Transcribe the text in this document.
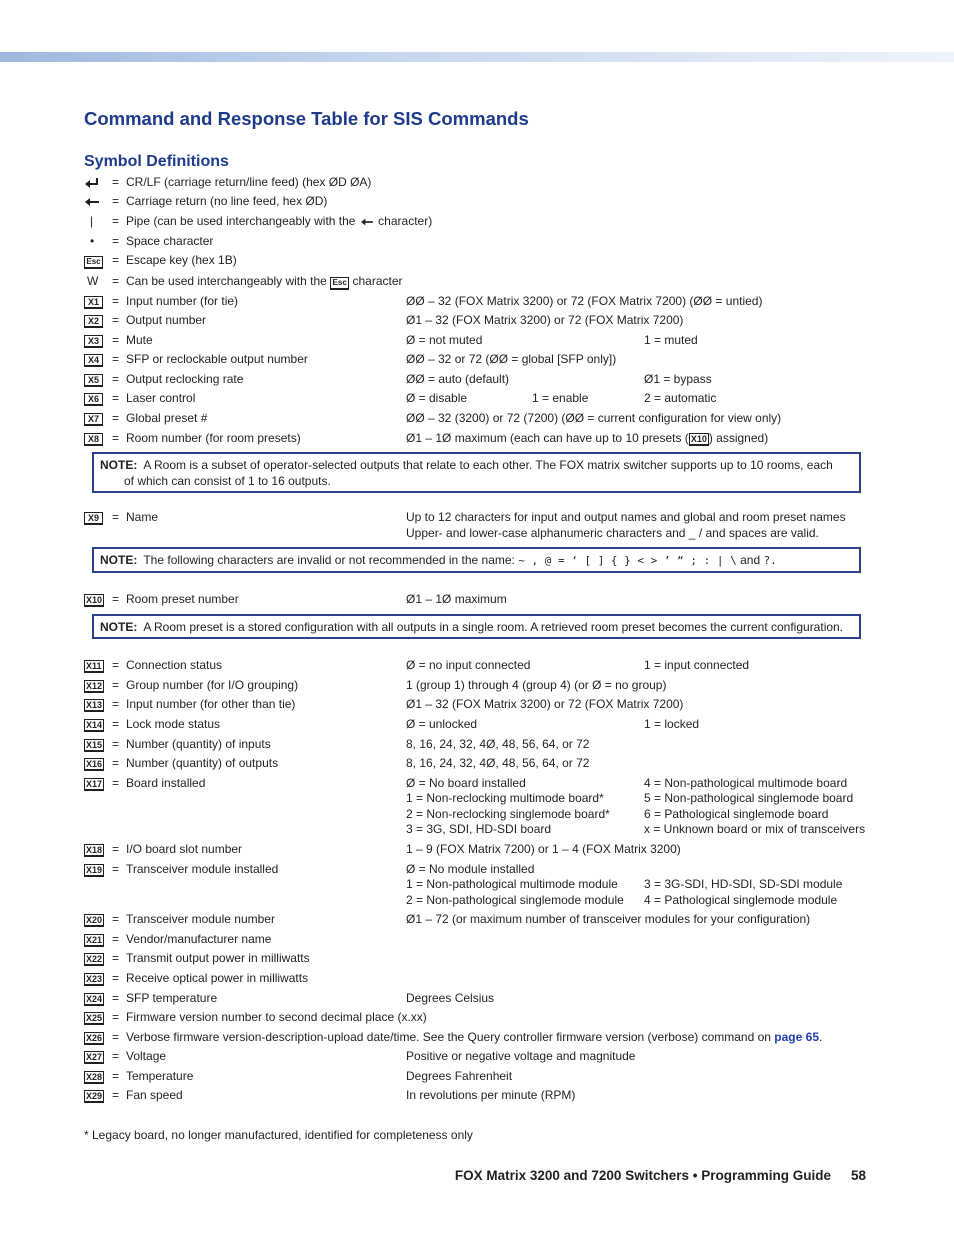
Command and Response Table for SIS Commands
Symbol Definitions
= CR/LF (carriage return/line feed) (hex ØD ØA)
= Carriage return (no line feed, hex ØD)
|	= Pipe (can be used interchangeably with the character)
•	= Space character
Esc = Escape key (hex 1B)
W	= Can be used interchangeably with the Esc character
X1	= Input number (for tie)	ØØ – 32 (FOX Matrix 3200) or 72 (FOX Matrix 7200) (ØØ = untied)
X2	= Output number	Ø1 – 32 (FOX Matrix 3200) or 72 (FOX Matrix 7200)
X3	= Mute	Ø = not muted	1 = muted
X4	= SFP or reclockable output number	ØØ – 32 or 72 (ØØ = global [SFP only])
X5	= Output reclocking rate	ØØ = auto (default)	Ø1 = bypass
X6	= Laser control	Ø = disable	1 = enable	2 = automatic
X7	= Global preset #	ØØ – 32 (3200) or 72 (7200) (ØØ = current configuration for view only)
X8	= Room number (for room presets)	Ø1 – 1Ø maximum (each can have up to 10 presets ( X10 ) assigned)
NOTE: A Room is a subset of operator-selected outputs that relate to each other. The FOX matrix switcher supports up to 10 rooms, each
of which can consist of 1 to 16 outputs.
X9	= Name	Up to 12 characters for input and output names and global and room preset names
Upper- and lower-case alphanumeric characters and _ / and spaces are valid.
NOTE: The following characters are invalid or not recommended in the name: ~ , @ = ‘ [ ] { } < > ’ “ ; : | \ and ?.
X10 = Room preset number	Ø1 – 1Ø maximum
NOTE: A Room preset is a stored configuration with all outputs in a single room. A retrieved room preset becomes the current configuration.
X11 = Connection status	Ø = no input connected	1 = input connected
X12 = Group number (for I/O grouping)	1 (group 1) through 4 (group 4) (or Ø = no group)
X13 = Input number (for other than tie)	Ø1 – 32 (FOX Matrix 3200) or 72 (FOX Matrix 7200)
X14 = Lock mode status	Ø = unlocked	1 = locked
X15 = Number (quantity) of inputs	8, 16, 24, 32, 4Ø, 48, 56, 64, or 72
X16 = Number (quantity) of outputs	8, 16, 24, 32, 4Ø, 48, 56, 64, or 72
X17 = Board installed	Ø = No board installed	4 = Non-pathological multimode board
1 = Non-reclocking multimode board*	5 = Non-pathological singlemode board
2 = Non-reclocking singlemode board*	6 = Pathological singlemode board
3 = 3G, SDI, HD-SDI board	x = Unknown board or mix of transceivers
X18 = I/O board slot number	1 – 9 (FOX Matrix 7200) or 1 – 4 (FOX Matrix 3200)
X19 = Transceiver module installed	Ø = No module installed
1 = Non-pathological multimode module 3 = 3G-SDI, HD-SDI, SD-SDI module
2 = Non-pathological singlemode module 4 = Pathological singlemode module
X20 = Transceiver module number	Ø1 – 72 (or maximum number of transceiver modules for your configuration)
X21 = Vendor/manufacturer name
X22 = Transmit output power in milliwatts
X23 = Receive optical power in milliwatts
X24 = SFP temperature	Degrees Celsius
X25 = Firmware version number to second decimal place (x.xx)
X26 = Verbose firmware version-description-upload date/time. See the Query controller firmware version (verbose) command on page 65.
X27 = Voltage	Positive or negative voltage and magnitude
X28 = Temperature	Degrees Fahrenheit
X29 = Fan speed	In revolutions per minute (RPM)
* Legacy board, no longer manufactured, identified for completeness only
FOX Matrix 3200 and 7200 Switchers • Programming Guide 58
